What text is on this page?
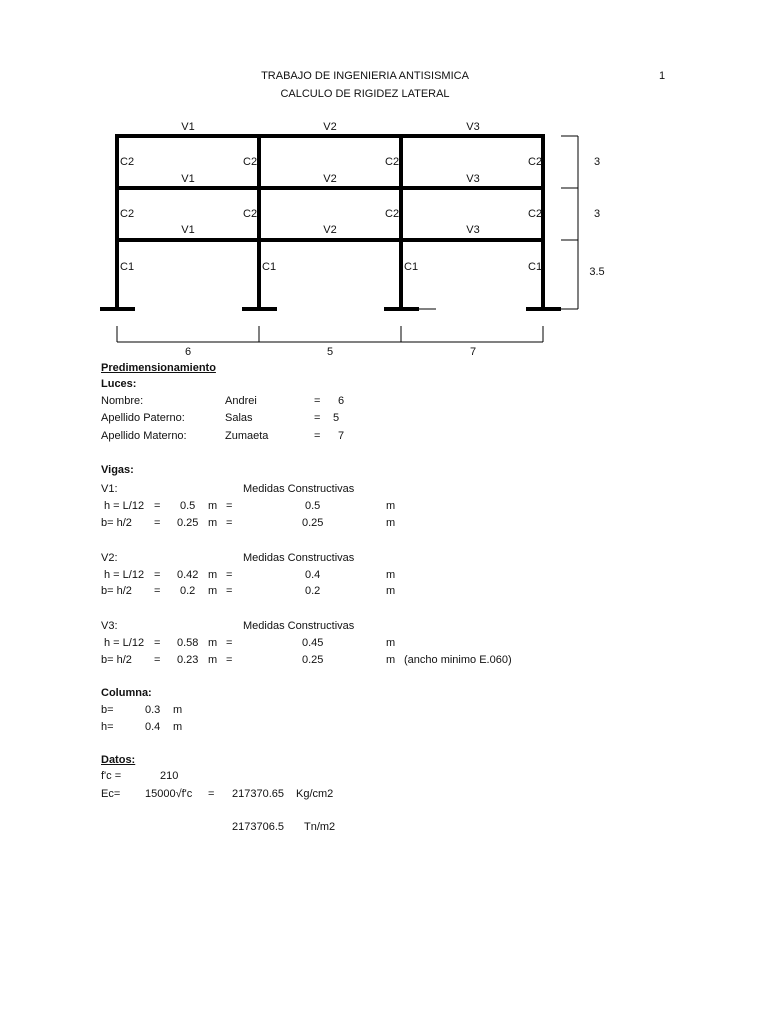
TRABAJO DE INGENIERIA ANTISISMICA
CALCULO DE RIGIDEZ LATERAL
1
V1	V2	V3
V1	V2	V3
V1	V2	V3
C2	C2	C2	C2
C2	C2	C2	C2
C1	C1	C1	C1
3
3
3.5
6	5	7
Predimensionamiento
Luces:
Nombre:	Andrei	= 6
Apellido Paterno:	Salas	= 5
Apellido Materno:	Zumaeta	= 7
Vigas:
V1:	Medidas Constructivas
h = L/12 = 0.5 m =	0.5	m
b= h/2 = 0.25 m =	0.25	m
V2:	Medidas Constructivas
h = L/12 = 0.42 m =	0.4	m
b= h/2 = 0.2 m =	0.2	m
V3:	Medidas Constructivas
h = L/12 = 0.58 m =	0.45	m
b= h/2 = 0.23 m =	0.25	m (ancho minimo E.060)
Columna:
b=	0.3 m
h=	0.4 m
Datos:
f'c =	210
Ec= 15000√f'c = 217370.65 Kg/cm2
2173706.5 Tn/m2
